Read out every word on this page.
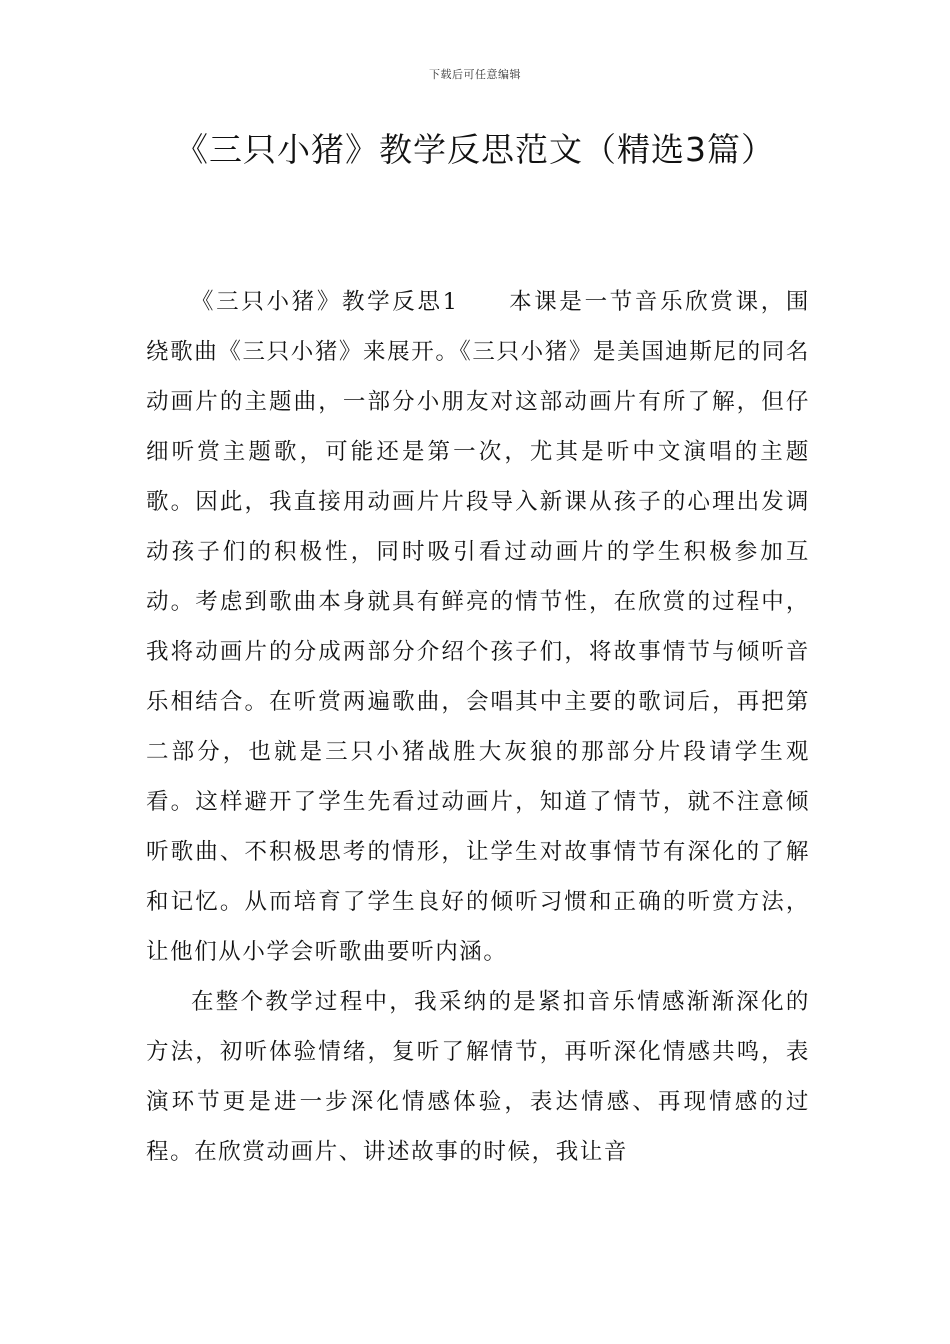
下载后可任意编辑
《三只小猪》教学反思范文（精选3篇）

《三只小猪》教学反思1 本课是一节音乐欣赏课，围绕歌曲《三只小猪》来展开。《三只小猪》是美国迪斯尼的同名动画片的主题曲，一部分小朋友对这部动画片有所了解，但仔细听赏主题歌，可能还是第一次，尤其是听中文演唱的主题歌。因此，我直接用动画片片段导入新课从孩子的心理出发调动孩子们的积极性，同时吸引看过动画片的学生积极参加互动。考虑到歌曲本身就具有鲜亮的情节性，在欣赏的过程中，我将动画片的分成两部分介绍个孩子们，将故事情节与倾听音乐相结合。在听赏两遍歌曲，会唱其中主要的歌词后，再把第二部分，也就是三只小猪战胜大灰狼的那部分片段请学生观看。这样避开了学生先看过动画片，知道了情节，就不注意倾听歌曲、不积极思考的情形，让学生对故事情节有深化的了解和记忆。从而培育了学生良好的倾听习惯和正确的听赏方法，让他们从小学会听歌曲要听内涵。

在整个教学过程中，我采纳的是紧扣音乐情感渐渐深化的方法，初听体验情绪，复听了解情节，再听深化情感共鸣，表演环节更是进一步深化情感体验，表达情感、再现情感的过程。在欣赏动画片、讲述故事的时候，我让音
